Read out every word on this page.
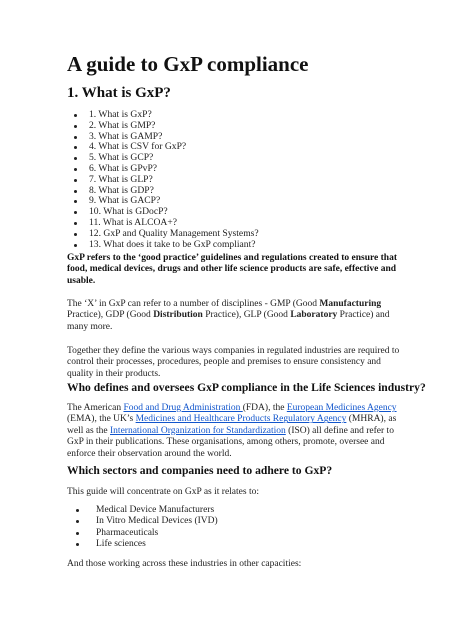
A guide to GxP compliance
1. What is GxP?
1. What is GxP?
2. What is GMP?
3. What is GAMP?
4. What is CSV for GxP?
5. What is GCP?
6. What is GPvP?
7. What is GLP?
8. What is GDP?
9. What is GACP?
10. What is GDocP?
11. What is ALCOA+?
12. GxP and Quality Management Systems?
13. What does it take to be GxP compliant?

GxP refers to the ‘good practice’ guidelines and regulations created to ensure that food, medical devices, drugs and other life science products are safe, effective and usable.

The ‘X’ in GxP can refer to a number of disciplines - GMP (Good Manufacturing Practice), GDP (Good Distribution Practice), GLP (Good Laboratory Practice) and many more.

Together they define the various ways companies in regulated industries are required to control their processes, procedures, people and premises to ensure consistency and quality in their products.

Who defines and oversees GxP compliance in the Life Sciences industry?

The American Food and Drug Administration (FDA), the European Medicines Agency (EMA), the UK’s Medicines and Healthcare Products Regulatory Agency (MHRA), as well as the International Organization for Standardization (ISO) all define and refer to GxP in their publications. These organisations, among others, promote, oversee and enforce their observation around the world.

Which sectors and companies need to adhere to GxP?

This guide will concentrate on GxP as it relates to:

Medical Device Manufacturers
In Vitro Medical Devices (IVD)
Pharmaceuticals
Life sciences

And those working across these industries in other capacities:
